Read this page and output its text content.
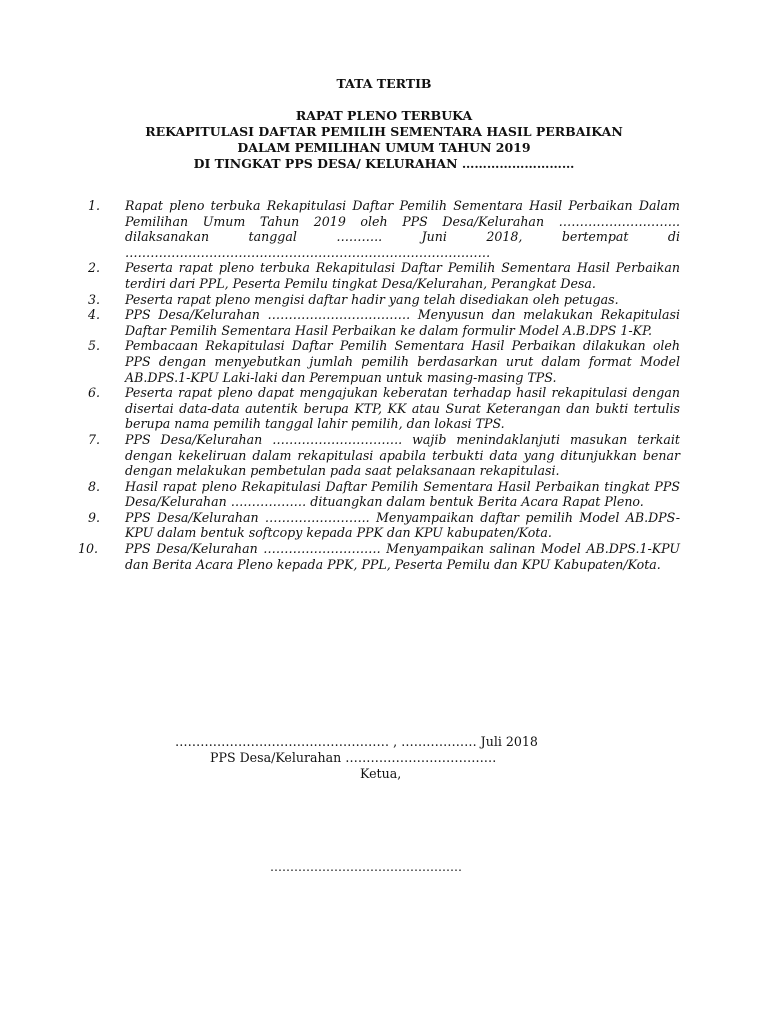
TATA TERTIB
RAPAT PLENO TERBUKA
REKAPITULASI DAFTAR PEMILIH SEMENTARA HASIL PERBAIKAN
DALAM PEMILIHAN UMUM TAHUN 2019
DI TINGKAT PPS DESA/ KELURAHAN ………………………
1.	Rapat pleno terbuka Rekapitulasi Daftar Pemilih Sementara Hasil Perbaikan Dalam Pemilihan Umum Tahun 2019 oleh PPS Desa/Kelurahan ……………………….. dilaksanakan tanggal ……….. Juni 2018, bertempat di ……………………………………………………………………………
2.	Peserta rapat pleno terbuka Rekapitulasi Daftar Pemilih Sementara Hasil Perbaikan terdiri dari PPL, Peserta Pemilu tingkat Desa/Kelurahan, Perangkat Desa.
3.	Peserta rapat pleno mengisi daftar hadir yang telah disediakan oleh petugas.
4.	PPS Desa/Kelurahan ……………………………. Menyusun dan melakukan Rekapitulasi Daftar Pemilih Sementara Hasil Perbaikan ke dalam formulir Model A.B.DPS 1-KP.
5.	Pembacaan Rekapitulasi Daftar Pemilih Sementara Hasil Perbaikan dilakukan oleh PPS dengan menyebutkan jumlah pemilih berdasarkan urut dalam format Model AB.DPS.1-KPU Laki-laki dan Perempuan untuk masing-masing TPS.
6.	Peserta rapat pleno dapat mengajukan keberatan terhadap hasil rekapitulasi dengan disertai data-data autentik berupa KTP, KK atau Surat Keterangan dan bukti tertulis berupa nama pemilih tanggal lahir pemilih, dan lokasi TPS.
7.	PPS Desa/Kelurahan …………………………. wajib menindaklanjuti masukan terkait dengan kekeliruan dalam rekapitulasi apabila terbukti data yang ditunjukkan benar dengan melakukan pembetulan pada saat pelaksanaan rekapitulasi.
8.	Hasil rapat pleno Rekapitulasi Daftar Pemilih Sementara Hasil Perbaikan tingkat PPS Desa/Kelurahan ……………… dituangkan dalam bentuk Berita Acara Rapat Pleno.
9.	PPS Desa/Kelurahan ……………………. Menyampaikan daftar pemilih Model AB.DPS-KPU dalam bentuk softcopy kepada PPK dan KPU kabupaten/Kota.
10.	PPS Desa/Kelurahan ………………………. Menyampaikan salinan Model AB.DPS.1-KPU dan Berita Acara Pleno kepada PPK, PPL, Peserta Pemilu dan KPU Kabupaten/Kota.
…………………………………………… , ……………… Juli 2018
PPS Desa/Kelurahan ………………………………
Ketua,
…………………………………………
